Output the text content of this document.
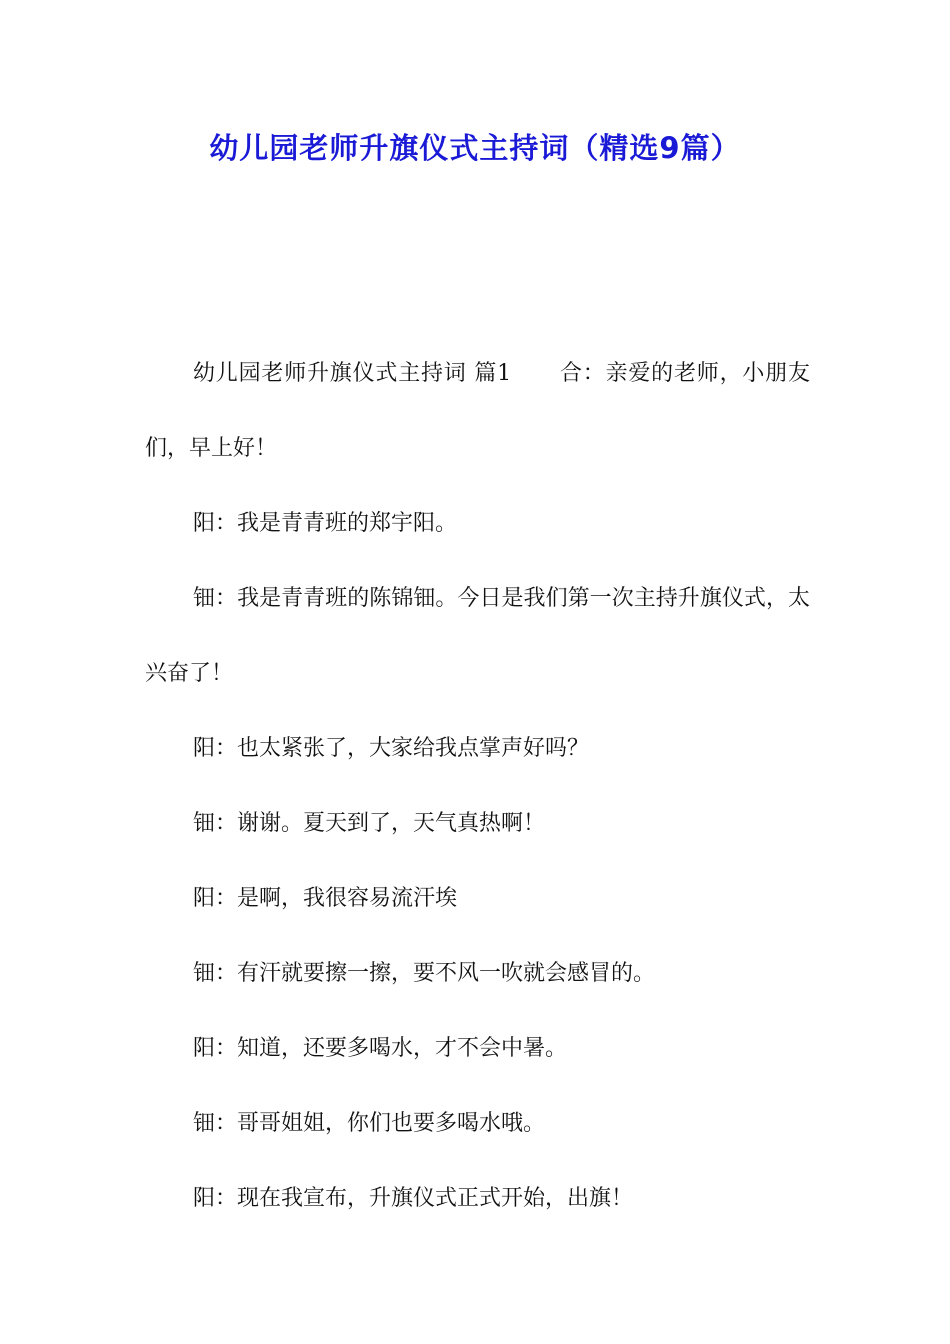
幼儿园老师升旗仪式主持词（精选9篇）

幼儿园老师升旗仪式主持词 篇1 合：亲爱的老师，小朋友们，早上好！

阳：我是青青班的郑宇阳。

钿：我是青青班的陈锦钿。今日是我们第一次主持升旗仪式，太兴奋了！

阳：也太紧张了，大家给我点掌声好吗？

钿：谢谢。夏天到了，天气真热啊！

阳：是啊，我很容易流汗埃

钿：有汗就要擦一擦，要不风一吹就会感冒的。

阳：知道，还要多喝水，才不会中暑。

钿：哥哥姐姐，你们也要多喝水哦。

阳：现在我宣布，升旗仪式正式开始，出旗！
